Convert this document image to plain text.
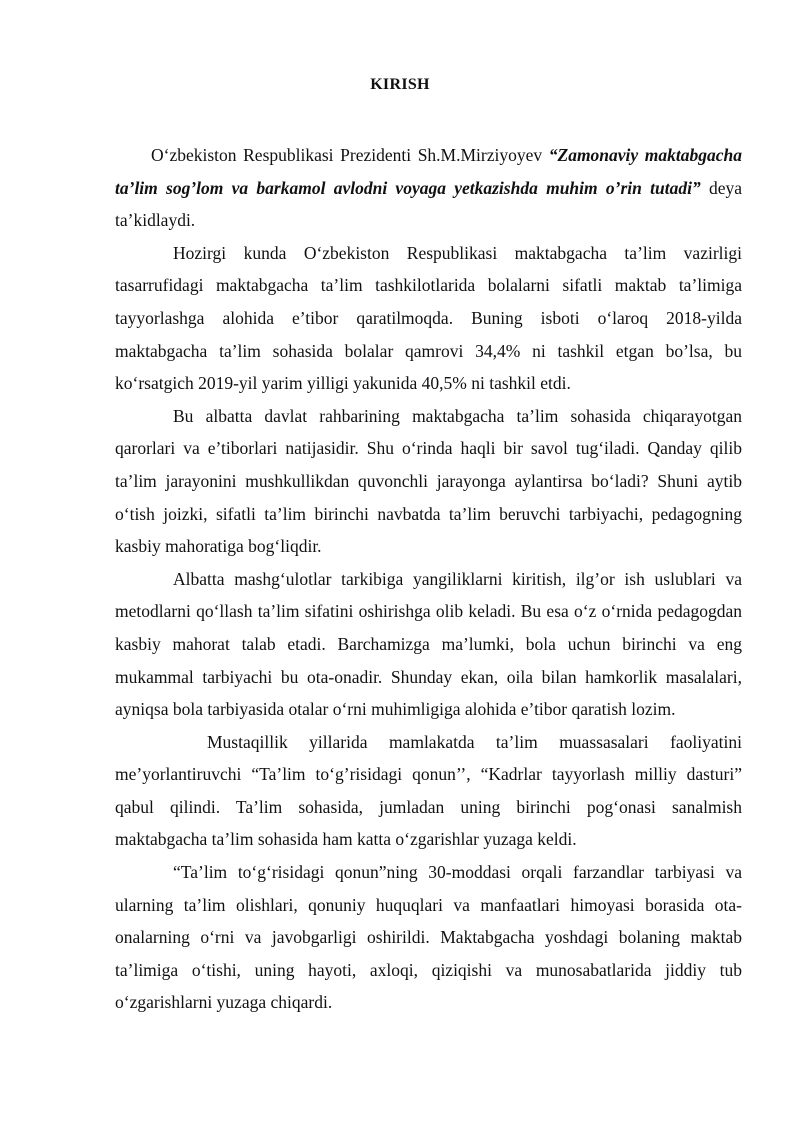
KIRISH

O‘zbekiston Respublikasi Prezidenti Sh.M.Mirziyoyev “Zamonaviy maktabgacha ta’lim sog’lom va barkamol avlodni voyaga yetkazishda muhim o’rin tutadi” deya ta’kidlaydi.

Hozirgi kunda O‘zbekiston Respublikasi maktabgacha ta’lim vazirligi tasarrufidagi maktabgacha ta’lim tashkilotlarida bolalarni sifatli maktab ta’limiga tayyorlashga alohida e’tibor qaratilmoqda. Buning isboti o‘laroq 2018-yilda maktabgacha ta’lim sohasida bolalar qamrovi 34,4% ni tashkil etgan bo’lsa, bu ko‘rsatgich 2019-yil yarim yilligi yakunida 40,5% ni tashkil etdi.

Bu albatta davlat rahbarining maktabgacha ta’lim sohasida chiqarayotgan qarorlari va e’tiborlari natijasidir. Shu o‘rinda haqli bir savol tug‘iladi. Qanday qilib ta’lim jarayonini mushkullikdan quvonchli jarayonga aylantirsa bo‘ladi? Shuni aytib o‘tish joizki, sifatli ta’lim birinchi navbatda ta’lim beruvchi tarbiyachi, pedagogning kasbiy mahoratiga bog‘liqdir.

Albatta mashg‘ulotlar tarkibiga yangiliklarni kiritish, ilg’or ish uslublari va metodlarni qo‘llash ta’lim sifatini oshirishga olib keladi. Bu esa o‘z o‘rnida pedagogdan kasbiy mahorat talab etadi. Barchamizga ma’lumki, bola uchun birinchi va eng mukammal tarbiyachi bu ota-onadir. Shunday ekan, oila bilan hamkorlik masalalari, ayniqsa bola tarbiyasida otalar o‘rni muhimligiga alohida e’tibor qaratish lozim.

Mustaqillik yillarida mamlakatda ta’lim muassasalari faoliyatini me’yorlantiruvchi “Ta’lim to‘g’risidagi qonun’’, “Kadrlar tayyorlash milliy dasturi” qabul qilindi. Ta’lim sohasida, jumladan uning birinchi pog‘onasi sanalmish maktabgacha ta’lim sohasida ham katta o‘zgarishlar yuzaga keldi.

“Ta’lim to‘g‘risidagi qonun”ning 30-moddasi orqali farzandlar tarbiyasi va ularning ta’lim olishlari, qonuniy huquqlari va manfaatlari himoyasi borasida ota-onalarning o‘rni va javobgarligi oshirildi. Maktabgacha yoshdagi bolaning maktab ta’limiga o‘tishi, uning hayoti, axloqi, qiziqishi va munosabatlarida jiddiy tub o‘zgarishlarni yuzaga chiqardi.
